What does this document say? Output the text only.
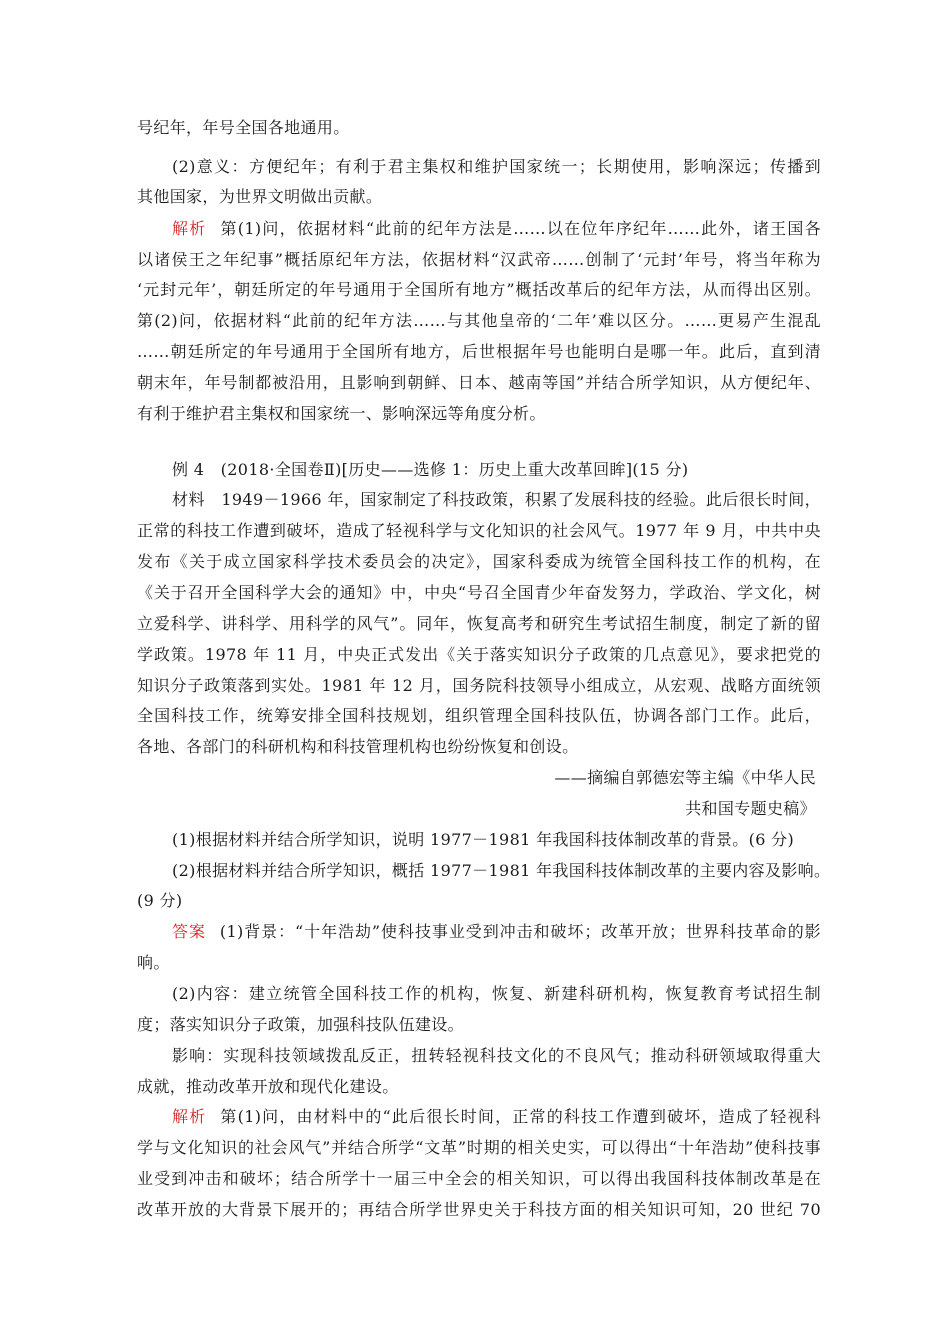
号纪年，年号全国各地通用。
(2)意义：方便纪年；有利于君主集权和维护国家统一；长期使用，影响深远；传播到
其他国家，为世界文明做出贡献。
解析 第(1)问，依据材料“此前的纪年方法是……以在位年序纪年……此外，诸王国各
以诸侯王之年纪事”概括原纪年方法，依据材料“汉武帝……创制了‘元封’年号，将当年称为
‘元封元年’，朝廷所定的年号通用于全国所有地方”概括改革后的纪年方法，从而得出区别。
第(2)问，依据材料“此前的纪年方法……与其他皇帝的‘二年’难以区分。……更易产生混乱
……朝廷所定的年号通用于全国所有地方，后世根据年号也能明白是哪一年。此后，直到清
朝末年，年号制都被沿用，且影响到朝鲜、日本、越南等国”并结合所学知识，从方便纪年、
有利于维护君主集权和国家统一、影响深远等角度分析。
例 4　(2018·全国卷Ⅱ)[历史——选修 1：历史上重大改革回眸](15 分)
材料　1949－1966 年，国家制定了科技政策，积累了发展科技的经验。此后很长时间，
正常的科技工作遭到破坏，造成了轻视科学与文化知识的社会风气。1977 年 9 月，中共中央
发布《关于成立国家科学技术委员会的决定》，国家科委成为统管全国科技工作的机构，在
《关于召开全国科学大会的通知》中，中央“号召全国青少年奋发努力，学政治、学文化，树
立爱科学、讲科学、用科学的风气”。同年，恢复高考和研究生考试招生制度，制定了新的留
学政策。1978 年 11 月，中央正式发出《关于落实知识分子政策的几点意见》，要求把党的
知识分子政策落到实处。1981 年 12 月，国务院科技领导小组成立，从宏观、战略方面统领
全国科技工作，统筹安排全国科技规划，组织管理全国科技队伍，协调各部门工作。此后，
各地、各部门的科研机构和科技管理机构也纷纷恢复和创设。
——摘编自郭德宏等主编《中华人民
共和国专题史稿》
(1)根据材料并结合所学知识，说明 1977－1981 年我国科技体制改革的背景。(6 分)
(2)根据材料并结合所学知识，概括 1977－1981 年我国科技体制改革的主要内容及影响。
(9 分)
答案 (1)背景：“十年浩劫”使科技事业受到冲击和破坏；改革开放；世界科技革命的影
响。
(2)内容：建立统管全国科技工作的机构，恢复、新建科研机构，恢复教育考试招生制
度；落实知识分子政策，加强科技队伍建设。
影响：实现科技领域拨乱反正，扭转轻视科技文化的不良风气；推动科研领域取得重大
成就，推动改革开放和现代化建设。
解析 第(1)问，由材料中的“此后很长时间，正常的科技工作遭到破坏，造成了轻视科
学与文化知识的社会风气”并结合所学“文革”时期的相关史实，可以得出“十年浩劫”使科技事
业受到冲击和破坏；结合所学十一届三中全会的相关知识，可以得出我国科技体制改革是在
改革开放的大背景下展开的；再结合所学世界史关于科技方面的相关知识可知，20 世纪 70
